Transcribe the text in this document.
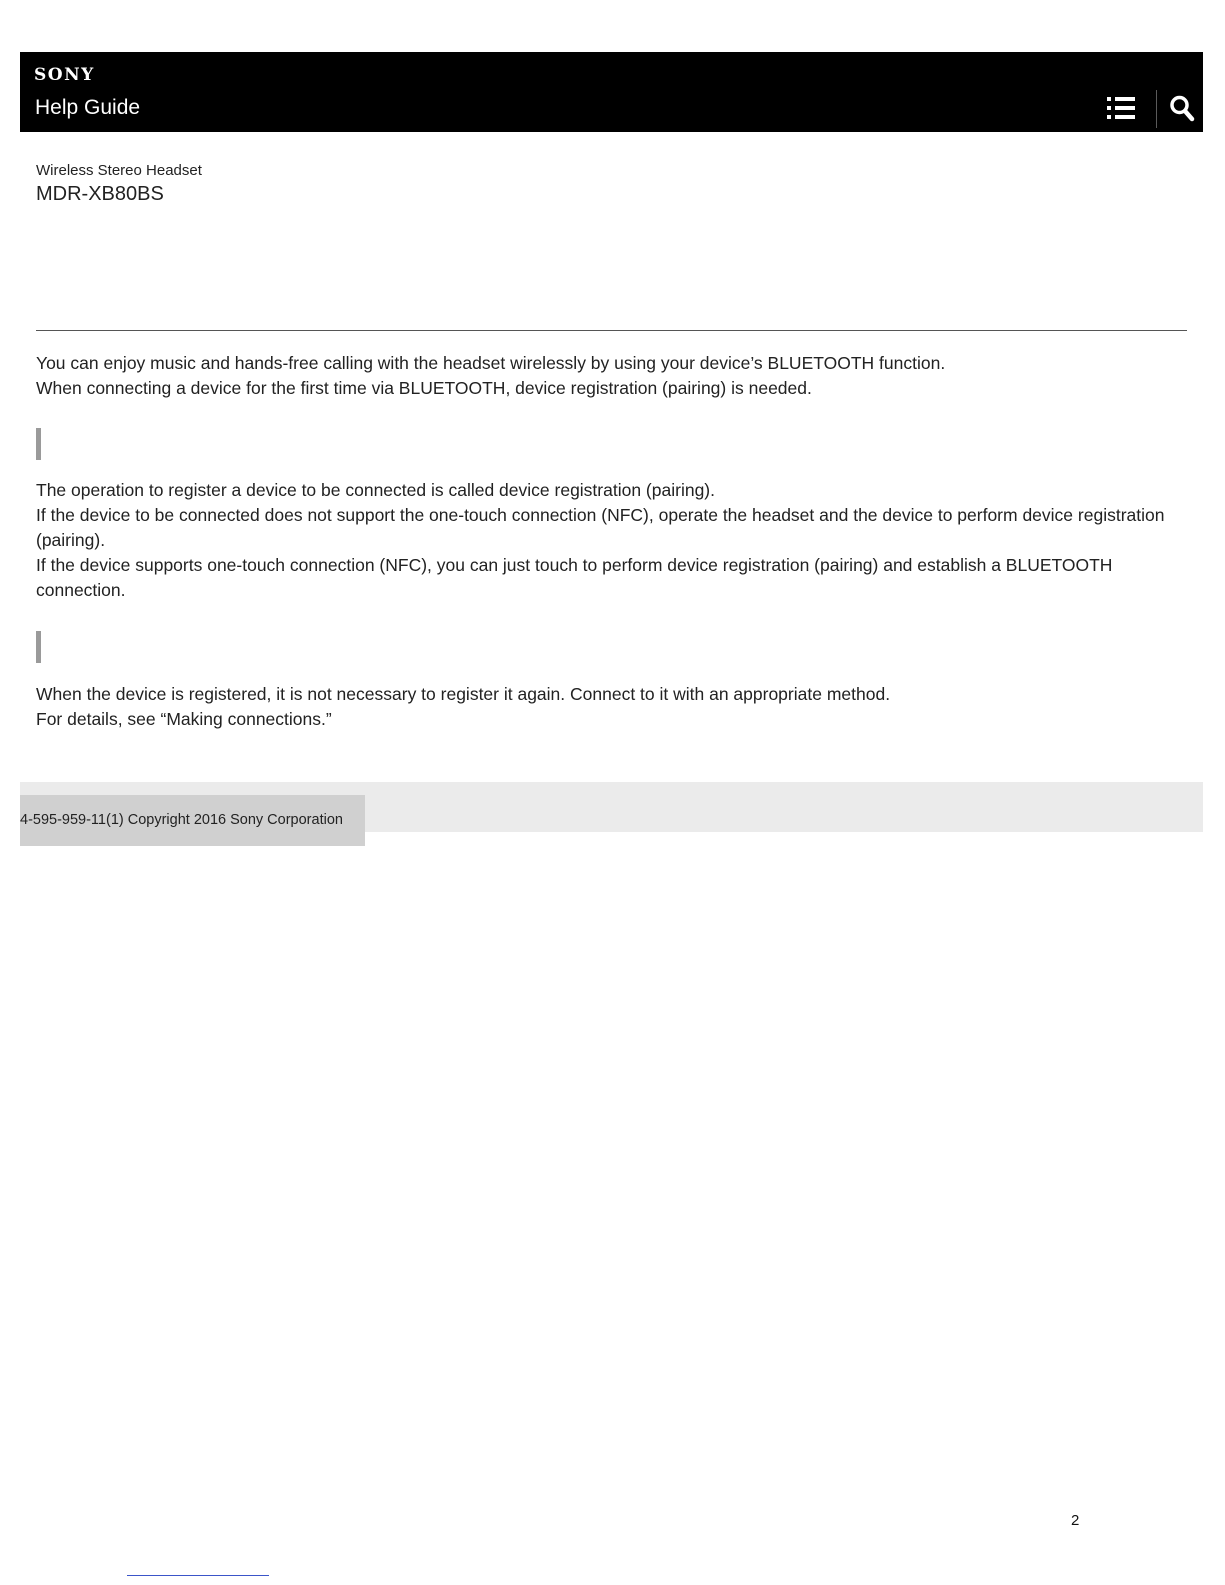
SONY
Help Guide
Wireless Stereo Headset
MDR-XB80BS

You can enjoy music and hands-free calling with the headset wirelessly by using your device’s BLUETOOTH function.

When connecting a device for the first time via BLUETOOTH, device registration (pairing) is needed.

The operation to register a device to be connected is called device registration (pairing).

If the device to be connected does not support the one-touch connection (NFC), operate the headset and the device to perform device registration (pairing).

If the device supports one-touch connection (NFC), you can just touch to perform device registration (pairing) and establish a BLUETOOTH connection.

When the device is registered, it is not necessary to register it again. Connect to it with an appropriate method.

For details, see “Making connections.”

4-595-959-11(1) Copyright 2016 Sony Corporation
2
